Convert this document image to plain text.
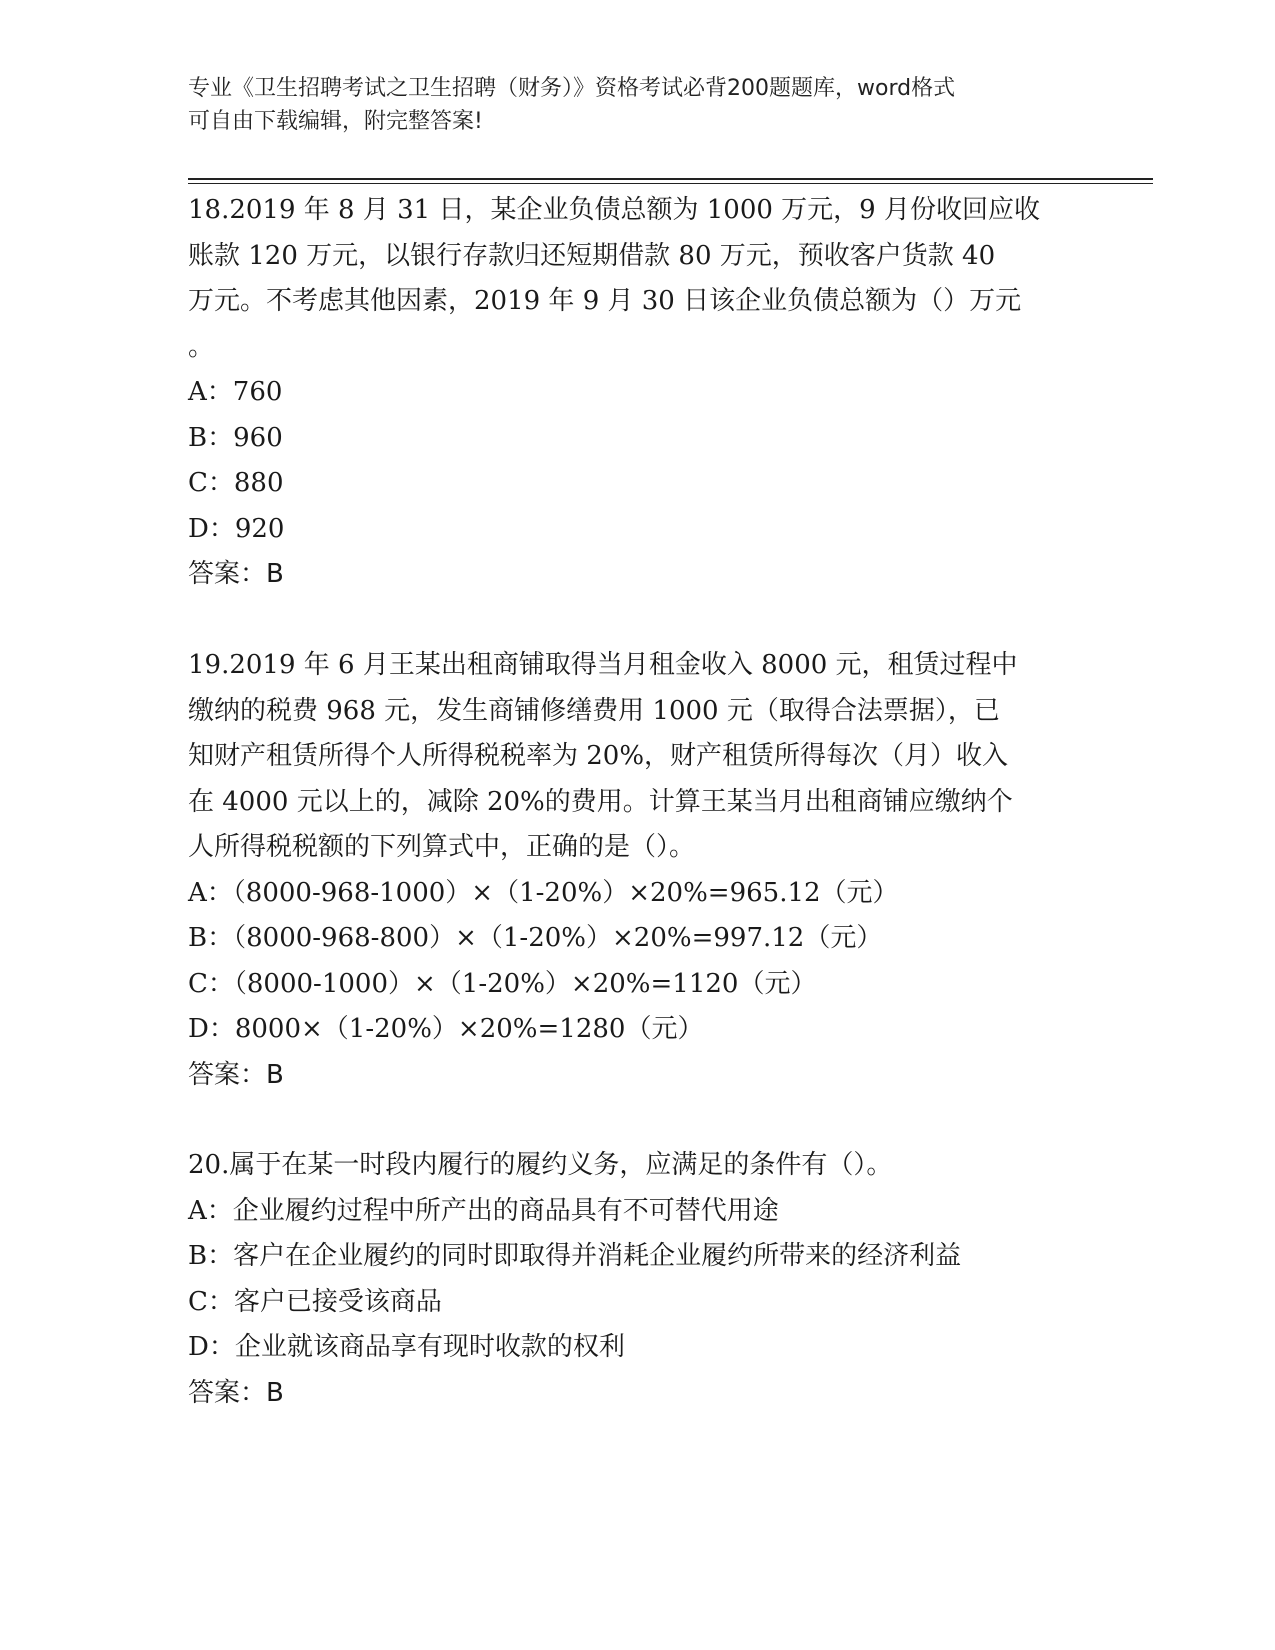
专业《卫生招聘考试之卫生招聘（财务）》资格考试必背200题题库，word格式
可自由下载编辑，附完整答案!

18.2019 年 8 月 31 日，某企业负债总额为 1000 万元，9 月份收回应收

账款 120 万元，以银行存款归还短期借款 80 万元，预收客户货款 40

万元。不考虑其他因素，2019 年 9 月 30 日该企业负债总额为（）万元

。

A：760

B：960

C：880

D：920

答案：B

19.2019 年 6 月王某出租商铺取得当月租金收入 8000 元，租赁过程中

缴纳的税费 968 元，发生商铺修缮费用 1000 元（取得合法票据），已

知财产租赁所得个人所得税税率为 20%，财产租赁所得每次（月）收入

在 4000 元以上的，减除 20%的费用。计算王某当月出租商铺应缴纳个

人所得税税额的下列算式中，正确的是（）。

A：（8000-968-1000）×（1-20%）×20%=965.12（元）

B：（8000-968-800）×（1-20%）×20%=997.12（元）

C：（8000-1000）×（1-20%）×20%=1120（元）

D：8000×（1-20%）×20%=1280（元）

答案：B

20.属于在某一时段内履行的履约义务，应满足的条件有（）。

A：企业履约过程中所产出的商品具有不可替代用途

B：客户在企业履约的同时即取得并消耗企业履约所带来的经济利益

C：客户已接受该商品

D：企业就该商品享有现时收款的权利

答案：B
